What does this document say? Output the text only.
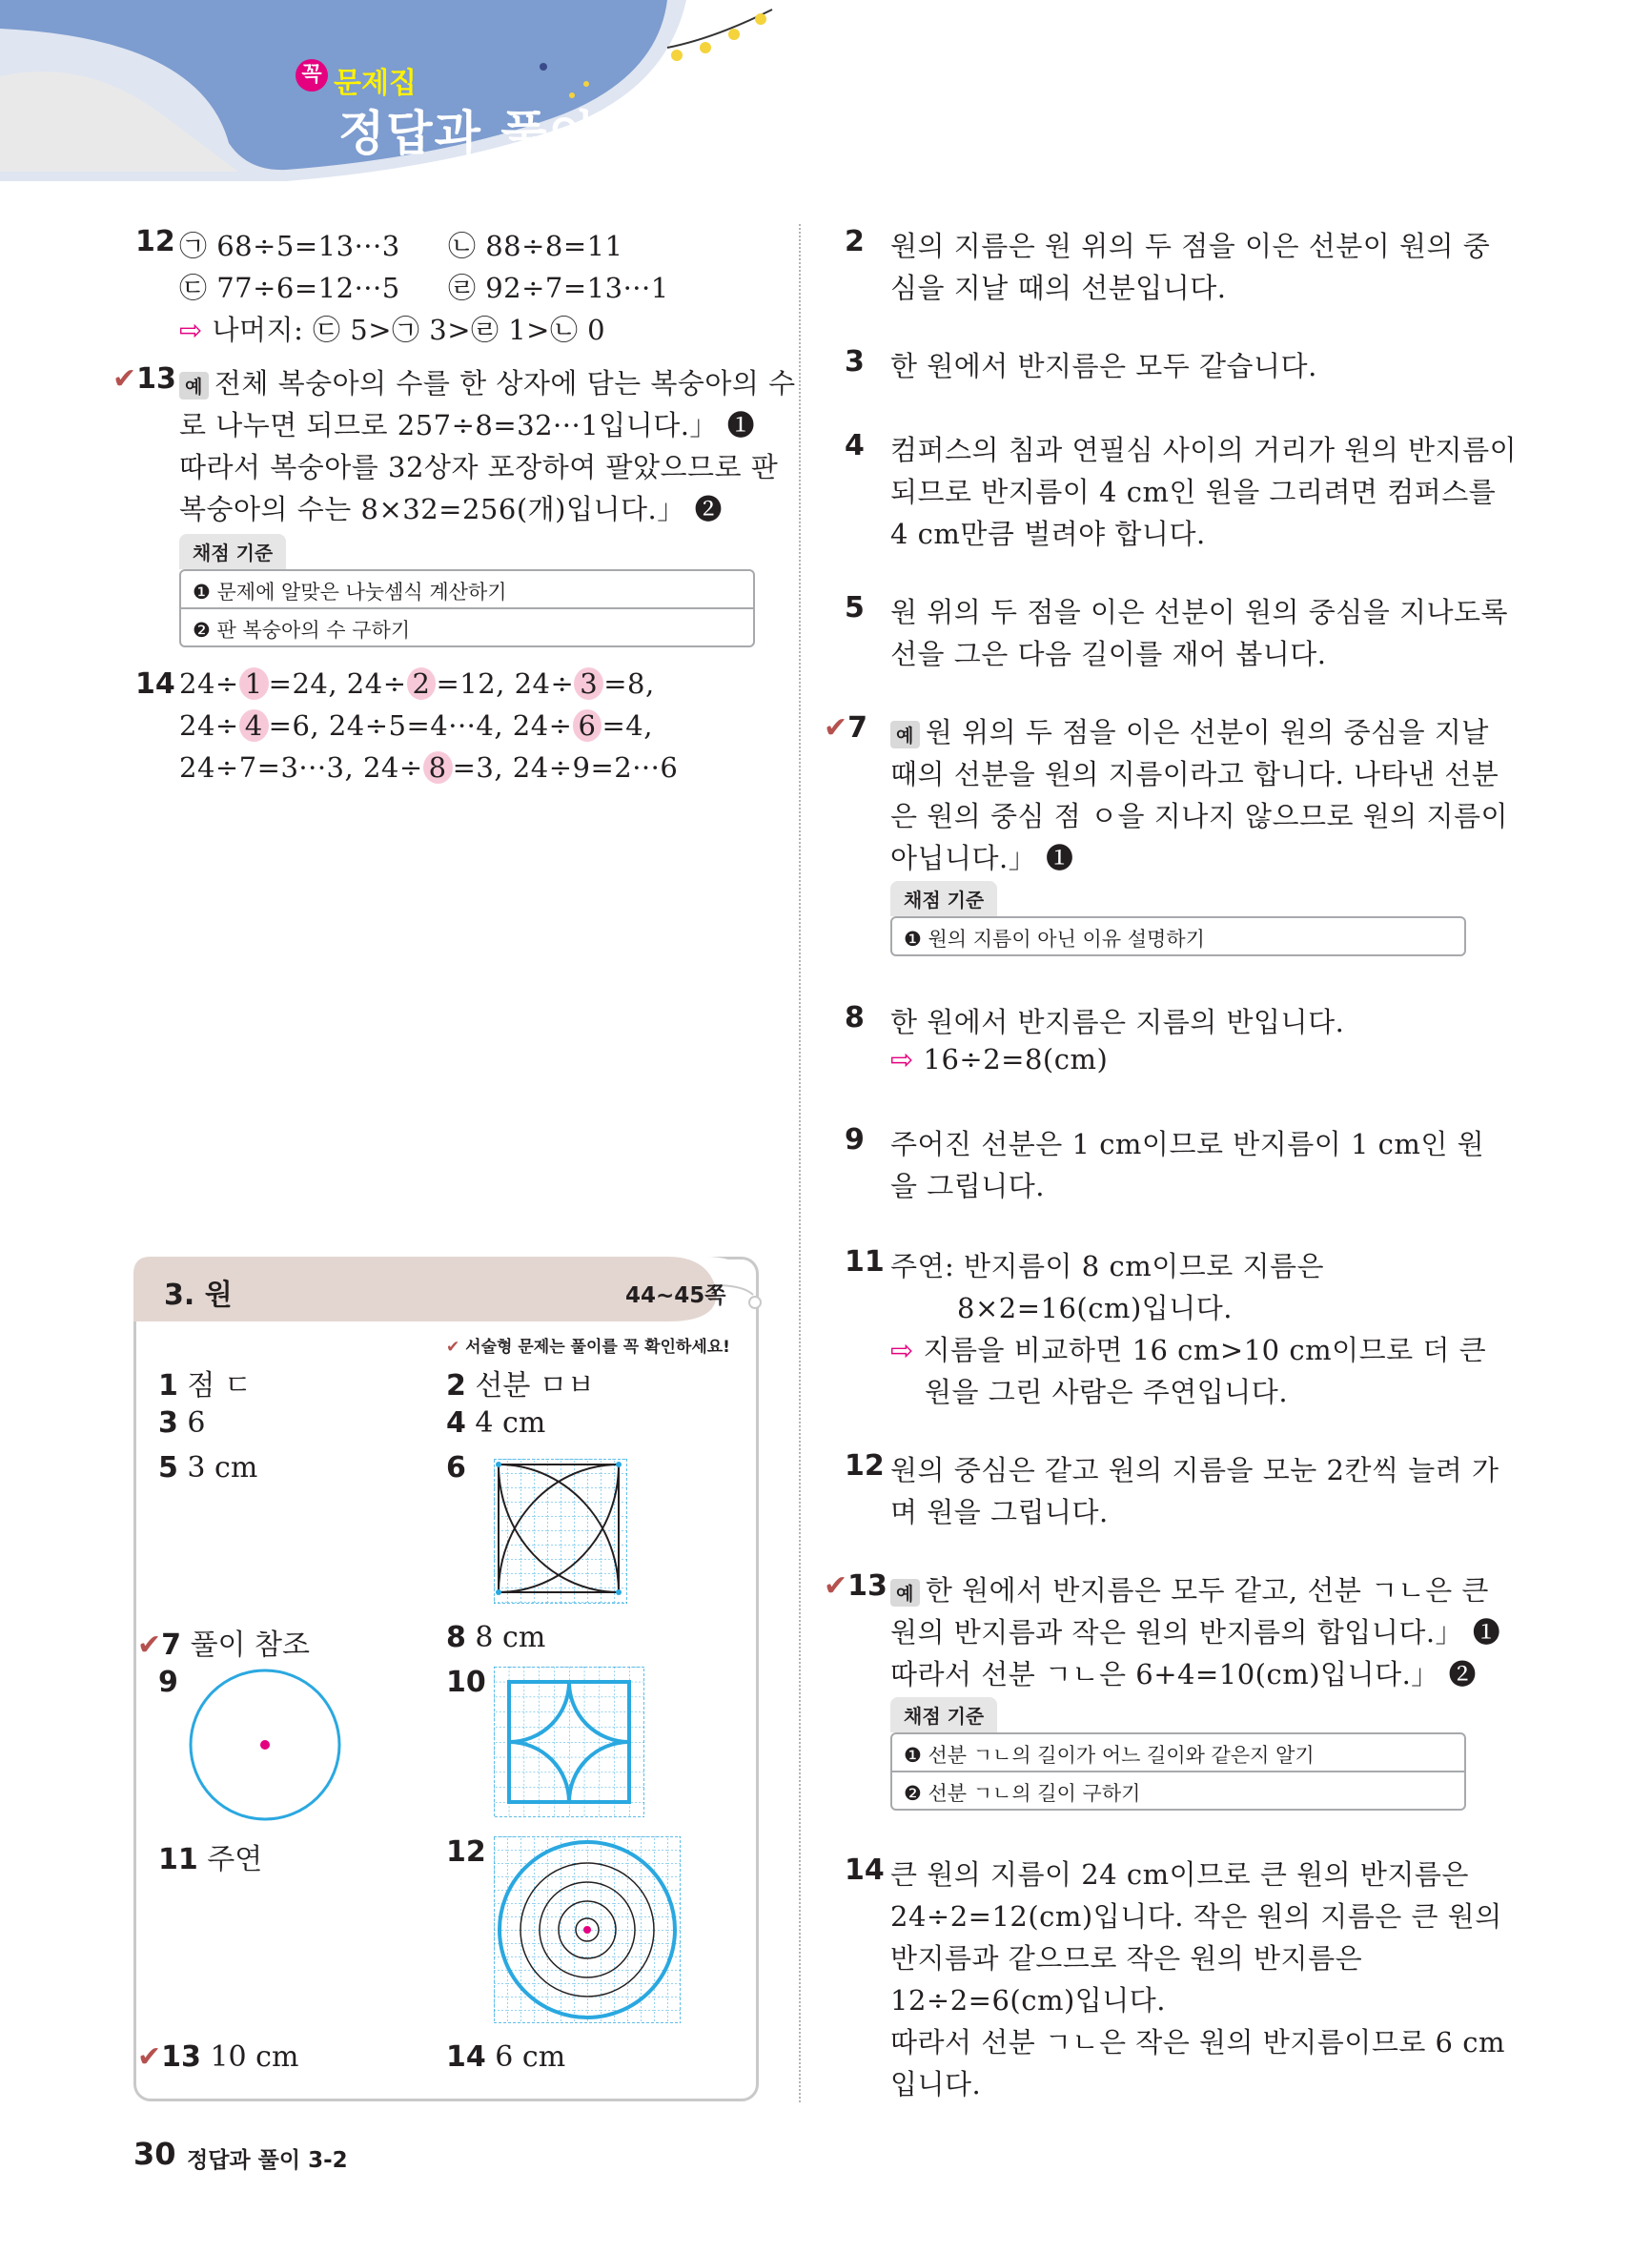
꼭 문제집
정답과 풀이
12 ㉠ 68÷5=13···3 ㉡ 88÷8=11
㉢ 77÷6=12···5 ㉣ 92÷7=13···1
⇨ 나머지: ㉢ 5>㉠ 3>㉣ 1>㉡ 0
✔13 예 전체 복숭아의 수를 한 상자에 담는 복숭아의 수
로 나누면 되므로 257÷8=32···1입니다.」 ❶
따라서 복숭아를 32상자 포장하여 팔았으므로 판
복숭아의 수는 8×32=256(개)입니다.」 ❷
채점 기준
❶ 문제에 알맞은 나눗셈식 계산하기
❷ 판 복숭아의 수 구하기
14 24÷ 1 =24, 24÷ 2 =12, 24÷ 3 =8,
24÷ 4 =6, 24÷5=4···4, 24÷ 6 =4,
24÷7=3···3, 24÷ 8 =3, 24÷9=2···6
3. 원	44~45쪽
✔ 서술형 문제는 풀이를 꼭 확인하세요!
1 점 ㄷ	2 선분 ㅁㅂ
3 6	4 4 cm
5 3 cm	6
✔7 풀이 참조	8 8 cm
9	10
11 주연	12
✔13 10 cm	14 6 cm
2 원의 지름은 원 위의 두 점을 이은 선분이 원의 중
심을 지날 때의 선분입니다.
3 한 원에서 반지름은 모두 같습니다.
4 컴퍼스의 침과 연필심 사이의 거리가 원의 반지름이
되므로 반지름이 4 cm인 원을 그리려면 컴퍼스를
4 cm만큼 벌려야 합니다.
5 원 위의 두 점을 이은 선분이 원의 중심을 지나도록
선을 그은 다음 길이를 재어 봅니다.
✔7	예 원 위의 두 점을 이은 선분이 원의 중심을 지날
때의 선분을 원의 지름이라고 합니다. 나타낸 선분
은 원의 중심 점 ㅇ을 지나지 않으므로 원의 지름이
아닙니다.」 ❶
채점 기준
❶ 원의 지름이 아닌 이유 설명하기
8 한 원에서 반지름은 지름의 반입니다.
⇨ 16÷2=8(cm)
9 주어진 선분은 1 cm이므로 반지름이 1 cm인 원
을 그립니다.
11 주연: 반지름이 8 cm이므로 지름은
8×2=16(cm)입니다.
⇨ 지름을 비교하면 16 cm>10 cm이므로 더 큰
원을 그린 사람은 주연입니다.
12 원의 중심은 같고 원의 지름을 모눈 2칸씩 늘려 가
며 원을 그립니다.
✔13 예 한 원에서 반지름은 모두 같고, 선분 ㄱㄴ은 큰
원의 반지름과 작은 원의 반지름의 합입니다.」 ❶
따라서 선분 ㄱㄴ은 6+4=10(cm)입니다.」 ❷
채점 기준
❶ 선분 ㄱㄴ의 길이가 어느 길이와 같은지 알기
❷ 선분 ㄱㄴ의 길이 구하기
14 큰 원의 지름이 24 cm이므로 큰 원의 반지름은
24÷2=12(cm)입니다. 작은 원의 지름은 큰 원의
반지름과 같으므로 작은 원의 반지름은
12÷2=6(cm)입니다.
따라서 선분 ㄱㄴ은 작은 원의 반지름이므로 6 cm
입니다.
30 정답과 풀이 3-2
